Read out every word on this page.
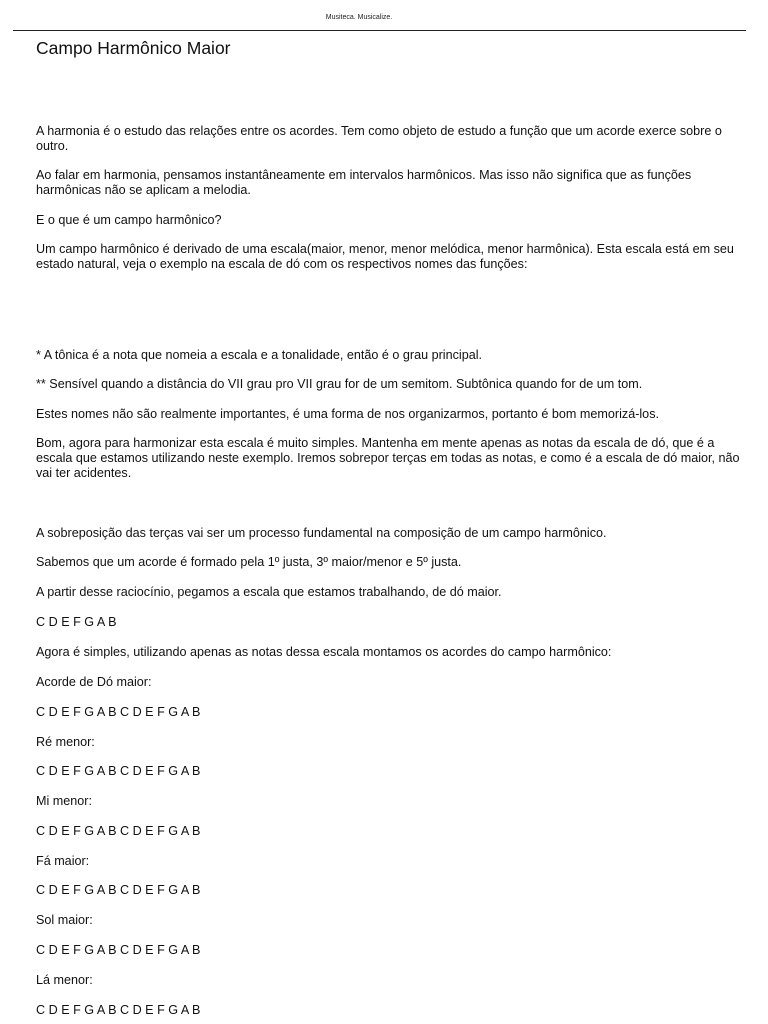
Musiteca. Musicalize.
Campo Harmônico Maior

A harmonia é o estudo das relações entre os acordes. Tem como objeto de estudo a função que um acorde exerce sobre o outro.

Ao falar em harmonia, pensamos instantâneamente em intervalos harmônicos. Mas isso não significa que as funções harmônicas não se aplicam a melodia.

E o que é um campo harmônico?

Um campo harmônico é derivado de uma escala(maior, menor, menor melódica, menor harmônica). Esta escala está em seu estado natural, veja o exemplo na escala de dó com os respectivos nomes das funções:

* A tônica é a nota que nomeia a escala e a tonalidade, então é o grau principal.

** Sensível quando a distância do VII grau pro VII grau for de um semitom. Subtônica quando for de um tom.

Estes nomes não são realmente importantes, é uma forma de nos organizarmos, portanto é bom memorizá-los.

Bom, agora para harmonizar esta escala é muito simples. Mantenha em mente apenas as notas da escala de dó, que é a escala que estamos utilizando neste exemplo. Iremos sobrepor terças em todas as notas, e como é a escala de dó maior, não vai ter acidentes.

A sobreposição das terças vai ser um processo fundamental na composição de um campo harmônico.

Sabemos que um acorde é formado pela 1º justa, 3º maior/menor e 5º justa.

A partir desse raciocínio, pegamos a escala que estamos trabalhando, de dó maior.

C D E F G A B

Agora é simples, utilizando apenas as notas dessa escala montamos os acordes do campo harmônico:

Acorde de Dó maior:

C D E F G A B C D E F G A B

Ré menor:

C D E F G A B C D E F G A B

Mi menor:

C D E F G A B C D E F G A B

Fá maior:

C D E F G A B C D E F G A B

Sol maior:

C D E F G A B C D E F G A B

Lá menor:

C D E F G A B C D E F G A B
